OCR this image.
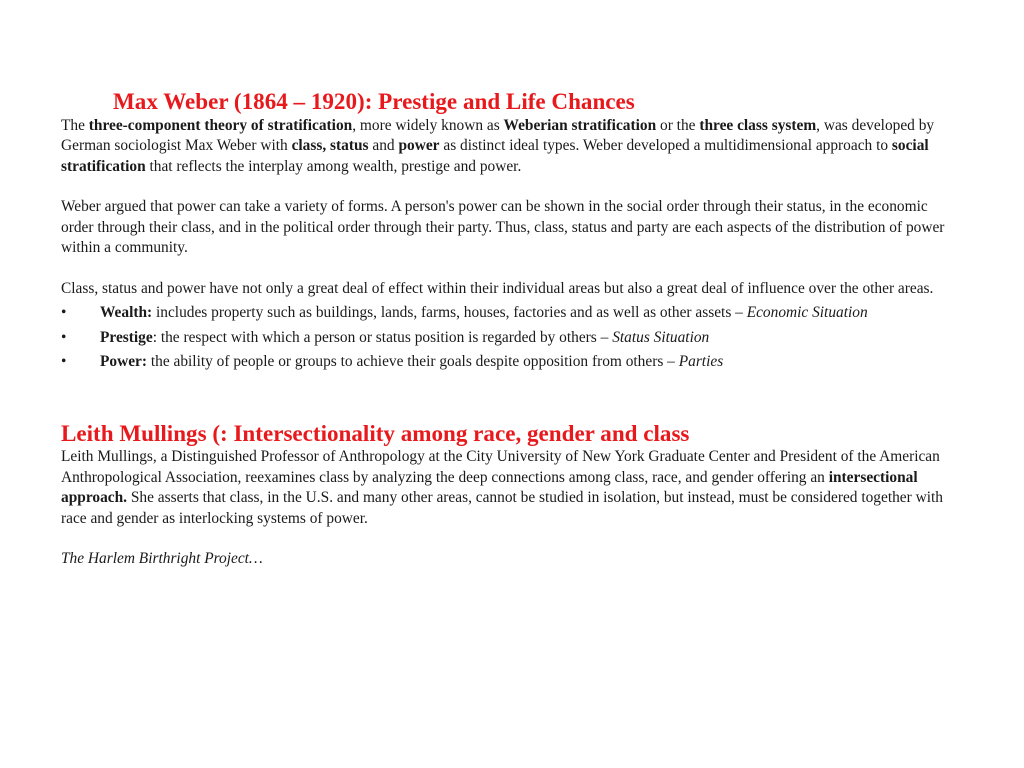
Max Weber (1864 – 1920): Prestige and Life Chances

The three-component theory of stratification, more widely known as Weberian stratification or the three class system, was developed by German sociologist Max Weber with class, status and power as distinct ideal types. Weber developed a multidimensional approach to social stratification that reflects the interplay among wealth, prestige and power.

Weber argued that power can take a variety of forms. A person's power can be shown in the social order through their status, in the economic order through their class, and in the political order through their party. Thus, class, status and party are each aspects of the distribution of power within a community.

Class, status and power have not only a great deal of effect within their individual areas but also a great deal of influence over the other areas.

• Wealth: includes property such as buildings, lands, farms, houses, factories and as well as other assets – Economic Situation
• Prestige: the respect with which a person or status position is regarded by others – Status Situation
• Power: the ability of people or groups to achieve their goals despite opposition from others – Parties
Leith Mullings (: Intersectionality among race, gender and class

Leith Mullings, a Distinguished Professor of Anthropology at the City University of New York Graduate Center and President of the American Anthropological Association, reexamines class by analyzing the deep connections among class, race, and gender offering an intersectional approach. She asserts that class, in the U.S. and many other areas, cannot be studied in isolation, but instead, must be considered together with race and gender as interlocking systems of power.

The Harlem Birthright Project…
